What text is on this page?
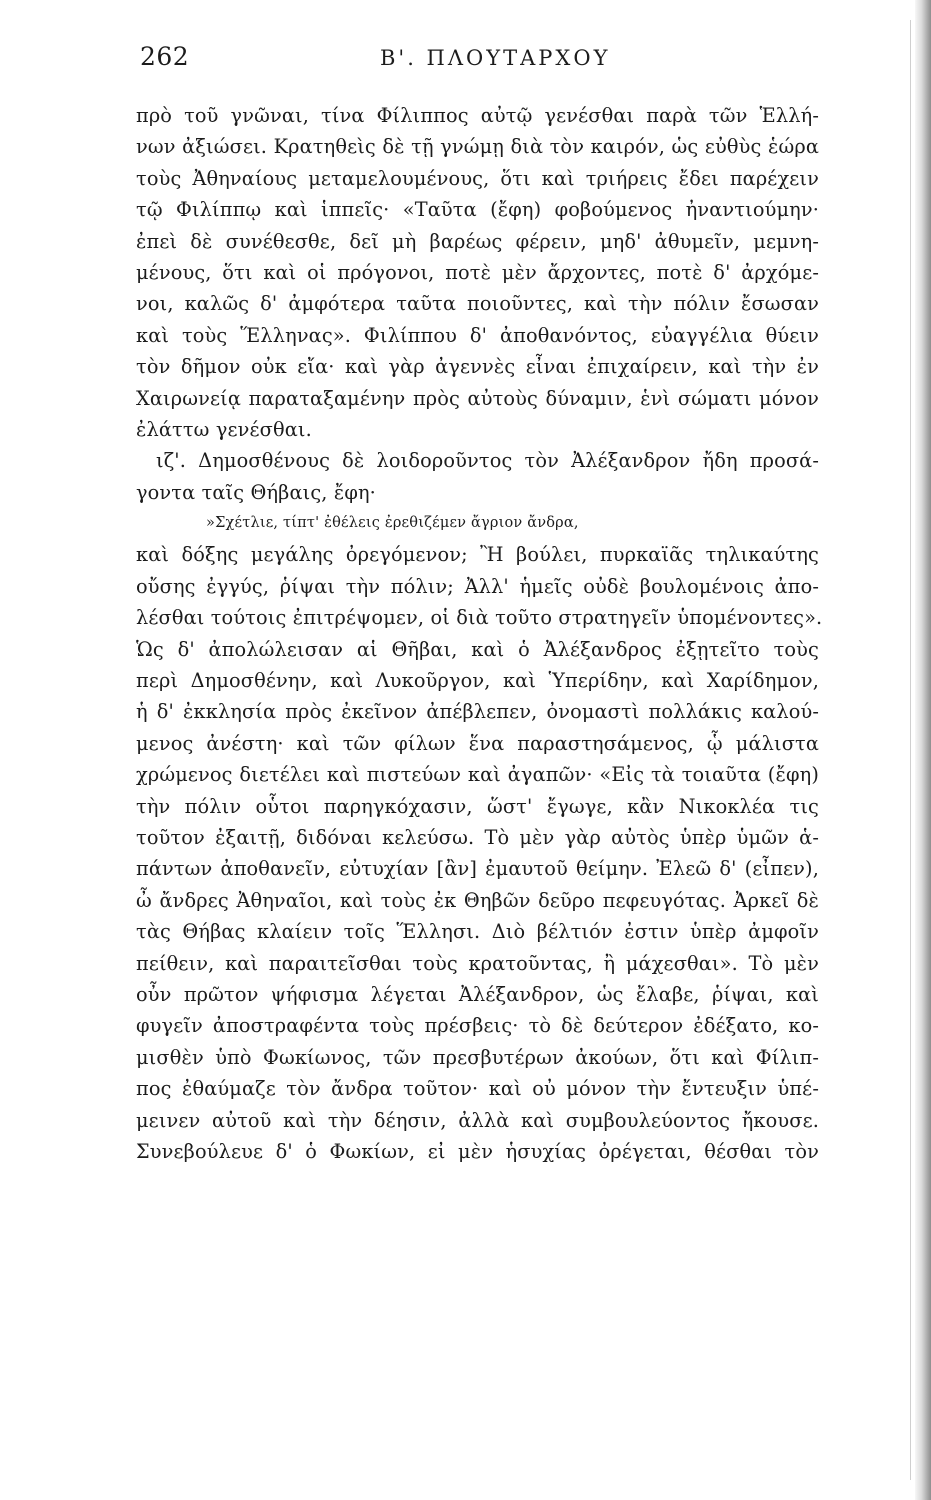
262	Β'. ΠΛΟΥΤΑΡΧΟΥ
πρὸ τοῦ γνῶναι, τίνα Φίλιππος αὐτῷ γενέσθαι παρὰ τῶν Ἑλλή-
νων ἀξιώσει. Κρατηθεὶς δὲ τῇ γνώμῃ διὰ τὸν καιρόν, ὡς εὐθὺς ἑώρα
τοὺς Ἀθηναίους μεταμελουμένους, ὅτι καὶ τριήρεις ἔδει παρέχειν
τῷ Φιλίππῳ καὶ ἱππεῖς· «Ταῦτα (ἔφη) φοβούμενος ἠναντιούμην·
ἐπεὶ δὲ συνέθεσθε, δεῖ μὴ βαρέως φέρειν, μηδ' ἀθυμεῖν, μεμνη-
μένους, ὅτι καὶ οἱ πρόγονοι, ποτὲ μὲν ἄρχοντες, ποτὲ δ' ἀρχόμε-
νοι, καλῶς δ' ἀμφότερα ταῦτα ποιοῦντες, καὶ τὴν πόλιν ἔσωσαν
καὶ τοὺς Ἕλληνας». Φιλίππου δ' ἀποθανόντος, εὐαγγέλια θύειν
τὸν δῆμον οὐκ εἴα· καὶ γὰρ ἀγεννὲς εἶναι ἐπιχαίρειν, καὶ τὴν ἐν
Χαιρωνείᾳ παραταξαμένην πρὸς αὐτοὺς δύναμιν, ἑνὶ σώματι μόνον
ἐλάττω γενέσθαι.
ιζ'. Δημοσθένους δὲ λοιδοροῦντος τὸν Ἀλέξανδρον ἤδη προσά-
γοντα ταῖς Θήβαις, ἔφη·
»Σχέτλιε, τίπτ' ἐθέλεις ἐρεθιζέμεν ἄγριον ἄνδρα,
καὶ δόξης μεγάλης ὀρεγόμενον; Ἢ βούλει, πυρκαϊᾶς τηλικαύτης
οὔσης ἐγγύς, ῥίψαι τὴν πόλιν; Ἀλλ' ἡμεῖς οὐδὲ βουλομένοις ἀπο-
λέσθαι τούτοις ἐπιτρέψομεν, οἱ διὰ τοῦτο στρατηγεῖν ὑπομένοντες».
Ὡς δ' ἀπολώλεισαν αἱ Θῆβαι, καὶ ὁ Ἀλέξανδρος ἐξῃτεῖτο τοὺς
περὶ Δημοσθένην, καὶ Λυκοῦργον, καὶ Ὑπερίδην, καὶ Χαρίδημον,
ἡ δ' ἐκκλησία πρὸς ἐκεῖνον ἀπέβλεπεν, ὀνομαστὶ πολλάκις καλού-
μενος ἀνέστη· καὶ τῶν φίλων ἕνα παραστησάμενος, ᾧ μάλιστα
χρώμενος διετέλει καὶ πιστεύων καὶ ἀγαπῶν· «Εἰς τὰ τοιαῦτα (ἔφη)
τὴν πόλιν οὗτοι παρηγκόχασιν, ὥστ' ἔγωγε, κἂν Νικοκλέα τις
τοῦτον ἐξαιτῇ, διδόναι κελεύσω. Τὸ μὲν γὰρ αὐτὸς ὑπὲρ ὑμῶν ἁ-
πάντων ἀποθανεῖν, εὐτυχίαν [ἂν] ἐμαυτοῦ θείμην. Ἐλεῶ δ' (εἶπεν),
ὦ ἄνδρες Ἀθηναῖοι, καὶ τοὺς ἐκ Θηβῶν δεῦρο πεφευγότας. Ἀρκεῖ δὲ
τὰς Θήβας κλαίειν τοῖς Ἕλλησι. Διὸ βέλτιόν ἐστιν ὑπὲρ ἀμφοῖν
πείθειν, καὶ παραιτεῖσθαι τοὺς κρατοῦντας, ἢ μάχεσθαι». Τὸ μὲν
οὖν πρῶτον ψήφισμα λέγεται Ἀλέξανδρον, ὡς ἔλαβε, ῥίψαι, καὶ
φυγεῖν ἀποστραφέντα τοὺς πρέσβεις· τὸ δὲ δεύτερον ἐδέξατο, κο-
μισθὲν ὑπὸ Φωκίωνος, τῶν πρεσβυτέρων ἀκούων, ὅτι καὶ Φίλιπ-
πος ἐθαύμαζε τὸν ἄνδρα τοῦτον· καὶ οὐ μόνον τὴν ἔντευξιν ὑπέ-
μεινεν αὐτοῦ καὶ τὴν δέησιν, ἀλλὰ καὶ συμβουλεύοντος ἤκουσε.
Συνεβούλευε δ' ὁ Φωκίων, εἰ μὲν ἡσυχίας ὀρέγεται, θέσθαι τὸν
